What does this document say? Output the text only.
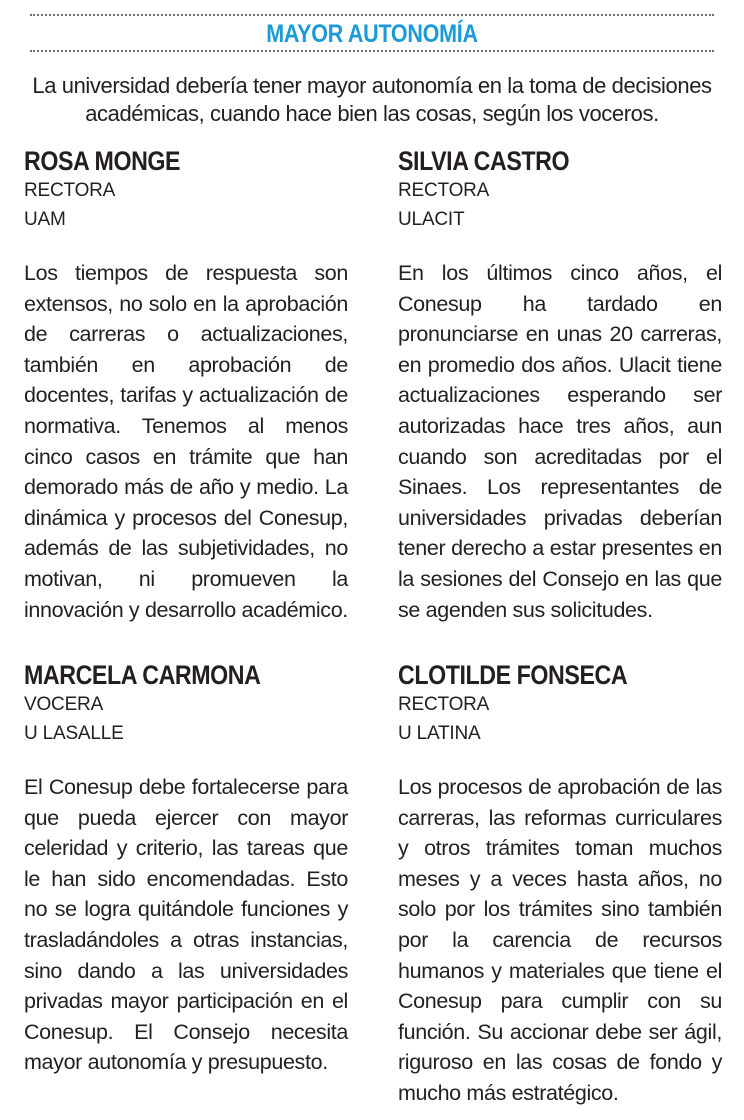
MAYOR AUTONOMÍA
La universidad debería tener mayor autonomía en la toma de decisiones académicas, cuando hace bien las cosas, según los voceros.
ROSA MONGE
RECTORA
UAM
Los tiempos de respuesta son extensos, no solo en la aprobación de carreras o actualizaciones, también en aprobación de docentes, tarifas y actualización de normativa. Tenemos al menos cinco casos en trámite que han demorado más de año y medio. La dinámica y procesos del Conesup, además de las subjetividades, no motivan, ni promueven la innovación y desarrollo académico.
SILVIA CASTRO
RECTORA
ULACIT
En los últimos cinco años, el Conesup ha tardado en pronunciarse en unas 20 carreras, en promedio dos años. Ulacit tiene actualizaciones esperando ser autorizadas hace tres años, aun cuando son acreditadas por el Sinaes. Los representantes de universidades privadas deberían tener derecho a estar presentes en la sesiones del Consejo en las que se agenden sus solicitudes.
MARCELA CARMONA
VOCERA
U LASALLE
El Conesup debe fortalecerse para que pueda ejercer con mayor celeridad y criterio, las tareas que le han sido encomendadas. Esto no se logra quitándole funciones y trasladándoles a otras instancias, sino dando a las universidades privadas mayor participación en el Conesup. El Consejo necesita mayor autonomía y presupuesto.
CLOTILDE FONSECA
RECTORA
U LATINA
Los procesos de aprobación de las carreras, las reformas curriculares y otros trámites toman muchos meses y a veces hasta años, no solo por los trámites sino también por la carencia de recursos humanos y materiales que tiene el Conesup para cumplir con su función. Su accionar debe ser ágil, riguroso en las cosas de fondo y mucho más estratégico.
